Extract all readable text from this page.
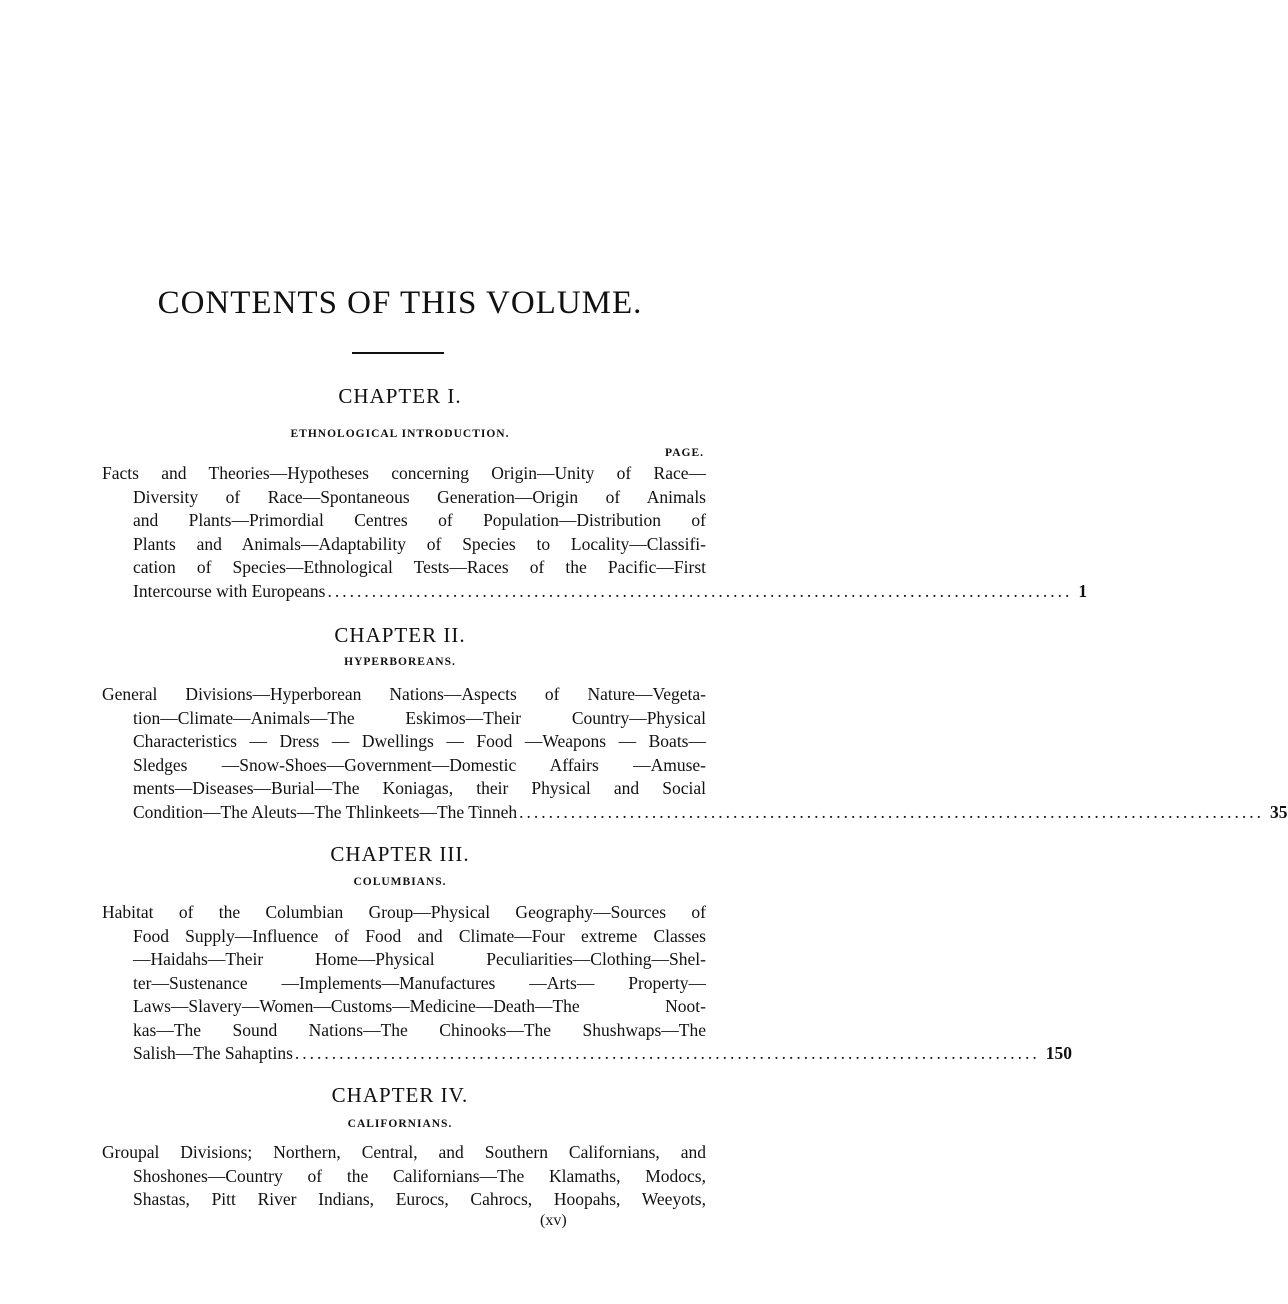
CONTENTS OF THIS VOLUME.
CHAPTER I.
ETHNOLOGICAL INTRODUCTION.
PAGE.
Facts and Theories—Hypotheses concerning Origin—Unity of Race—
Diversity of Race—Spontaneous Generation—Origin of Animals
and Plants—Primordial Centres of Population—Distribution of
Plants and Animals—Adaptability of Species to Locality—Classifi-
cation of Species—Ethnological Tests—Races of the Pacific—First
Intercourse with Europeans ..................................................................................................... 1
CHAPTER II.
HYPERBOREANS.
General Divisions—Hyperborean Nations—Aspects of Nature—Vegeta-
tion—Climate—Animals—The Eskimos—Their Country—Physical
Characteristics — Dress — Dwellings — Food —Weapons — Boats—
Sledges —Snow-Shoes—Government—Domestic Affairs —Amuse-
ments—Diseases—Burial—The Koniagas, their Physical and Social
Condition—The Aleuts—The Thlinkeets—The Tinneh ..................................................................................................... 35
CHAPTER III.
COLUMBIANS.
Habitat of the Columbian Group—Physical Geography—Sources of
Food Supply—Influence of Food and Climate—Four extreme Classes
—Haidahs—Their Home—Physical Peculiarities—Clothing—Shel-
ter—Sustenance —Implements—Manufactures —Arts— Property—
Laws—Slavery—Women—Customs—Medicine—Death—The Noot-
kas—The Sound Nations—The Chinooks—The Shushwaps—The
Salish—The Sahaptins ..................................................................................................... 150
CHAPTER IV.
CALIFORNIANS.
Groupal Divisions; Northern, Central, and Southern Californians, and
Shoshones—Country of the Californians—The Klamaths, Modocs,
Shastas, Pitt River Indians, Eurocs, Cahrocs, Hoopahs, Weeyots,
(xv)
